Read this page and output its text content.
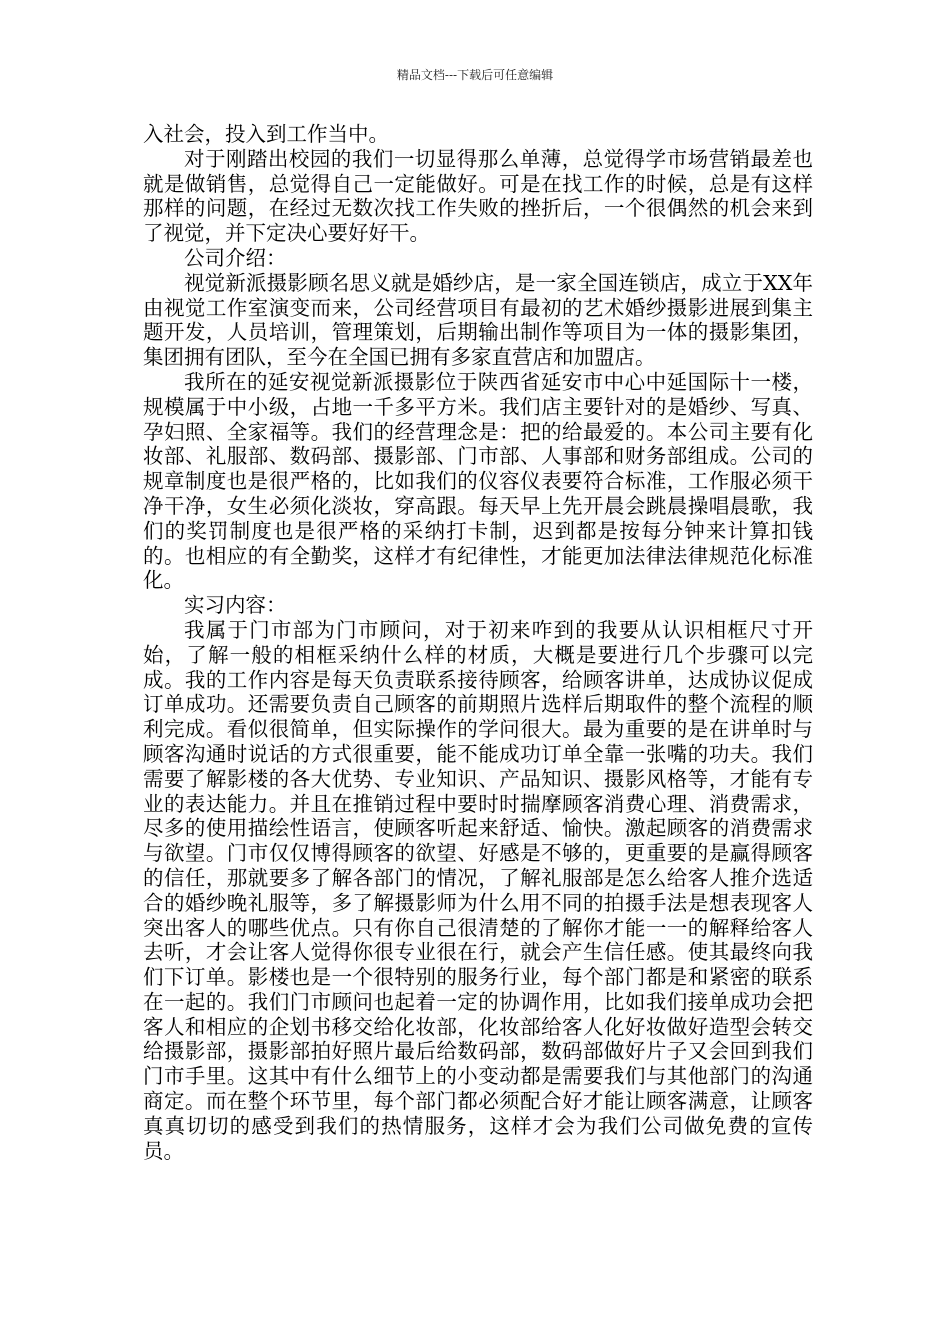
精品文档---下载后可任意编辑

入社会，投入到工作当中。

对于刚踏出校园的我们一切显得那么单薄，总觉得学市场营销最差也就是做销售，总觉得自己一定能做好。可是在找工作的时候，总是有这样那样的问题，在经过无数次找工作失败的挫折后，一个很偶然的机会来到了视觉，并下定决心要好好干。

公司介绍：

视觉新派摄影顾名思义就是婚纱店，是一家全国连锁店，成立于XX年由视觉工作室演变而来，公司经营项目有最初的艺术婚纱摄影进展到集主题开发，人员培训，管理策划，后期输出制作等项目为一体的摄影集团，集团拥有团队，至今在全国已拥有多家直营店和加盟店。

我所在的延安视觉新派摄影位于陕西省延安市中心中延国际十一楼，规模属于中小级，占地一千多平方米。我们店主要针对的是婚纱、写真、孕妇照、全家福等。我们的经营理念是：把的给最爱的。本公司主要有化妆部、礼服部、数码部、摄影部、门市部、人事部和财务部组成。公司的规章制度也是很严格的，比如我们的仪容仪表要符合标准，工作服必须干净干净，女生必须化淡妆，穿高跟。每天早上先开晨会跳晨操唱晨歌，我们的奖罚制度也是很严格的采纳打卡制，迟到都是按每分钟来计算扣钱的。也相应的有全勤奖，这样才有纪律性，才能更加法律法律规范化标准化。

实习内容：

我属于门市部为门市顾问，对于初来咋到的我要从认识相框尺寸开始，了解一般的相框采纳什么样的材质，大概是要进行几个步骤可以完成。我的工作内容是每天负责联系接待顾客，给顾客讲单，达成协议促成订单成功。还需要负责自己顾客的前期照片选样后期取件的整个流程的顺利完成。看似很简单，但实际操作的学问很大。最为重要的是在讲单时与顾客沟通时说话的方式很重要，能不能成功订单全靠一张嘴的功夫。我们需要了解影楼的各大优势、专业知识、产品知识、摄影风格等，才能有专业的表达能力。并且在推销过程中要时时揣摩顾客消费心理、消费需求，尽多的使用描绘性语言，使顾客听起来舒适、愉快。激起顾客的消费需求与欲望。门市仅仅博得顾客的欲望、好感是不够的，更重要的是赢得顾客的信任，那就要多了解各部门的情况，了解礼服部是怎么给客人推介选适合的婚纱晚礼服等，多了解摄影师为什么用不同的拍摄手法是想表现客人突出客人的哪些优点。只有你自己很清楚的了解你才能一一的解释给客人去听，才会让客人觉得你很专业很在行，就会产生信任感。使其最终向我们下订单。影楼也是一个很特别的服务行业，每个部门都是和紧密的联系在一起的。我们门市顾问也起着一定的协调作用，比如我们接单成功会把客人和相应的企划书移交给化妆部，化妆部给客人化好妆做好造型会转交给摄影部，摄影部拍好照片最后给数码部，数码部做好片子又会回到我们门市手里。这其中有什么细节上的小变动都是需要我们与其他部门的沟通商定。而在整个环节里，每个部门都必须配合好才能让顾客满意，让顾客真真切切的感受到我们的热情服务，这样才会为我们公司做免费的宣传员。
